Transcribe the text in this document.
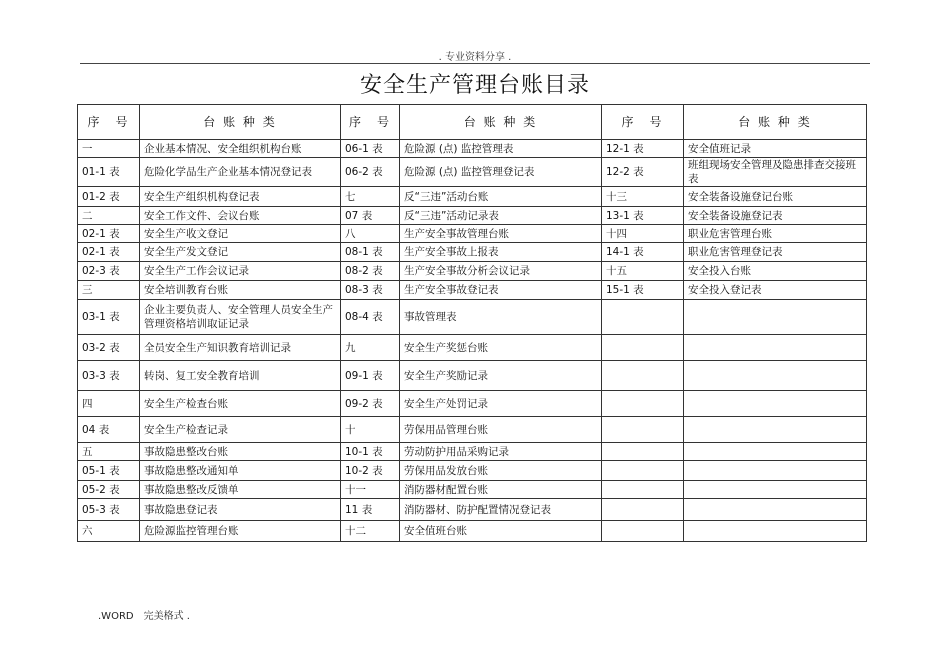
. 专业资料分享 .
安全生产管理台账目录
序　号	台 账 种 类	序　号	台 账 种 类	序　号	台 账 种 类
一	企业基本情况、安全组织机构台账	06-1 表	危险源 (点) 监控管理表	12-1 表	安全值班记录
01-1 表	危险化学品生产企业基本情况登记表	06-2 表	危险源 (点) 监控管理登记表	12-2 表	班组现场安全管理及隐患排查交接班表
01-2 表	安全生产组织机构登记表	七	反“三违”活动台账	十三	安全装备设施登记台账
二	安全工作文件、会议台账	07 表	反“三违”活动记录表	13-1 表	安全装备设施登记表
02-1 表	安全生产收文登记	八	生产安全事故管理台账	十四	职业危害管理台账
02-1 表	安全生产发文登记	08-1 表	生产安全事故上报表	14-1 表	职业危害管理登记表
02-3 表	安全生产工作会议记录	08-2 表	生产安全事故分析会议记录	十五	安全投入台账
三	安全培训教育台账	08-3 表	生产安全事故登记表	15-1 表	安全投入登记表
03-1 表	企业主要负责人、安全管理人员安全生产管理资格培训取证记录	08-4 表	事故管理表		
03-2 表	全员安全生产知识教育培训记录	九	安全生产奖惩台账		
03-3 表	转岗、复工安全教育培训	09-1 表	安全生产奖励记录		
四	安全生产检查台账	09-2 表	安全生产处罚记录		
04 表	安全生产检查记录	十	劳保用品管理台账		
五	事故隐患整改台账	10-1 表	劳动防护用品采购记录		
05-1 表	事故隐患整改通知单	10-2 表	劳保用品发放台账		
05-2 表	事故隐患整改反馈单	十一	消防器材配置台账		
05-3 表	事故隐患登记表	11 表	消防器材、防护配置情况登记表		
六	危险源监控管理台账	十二	安全值班台账		
.WORD　完美格式 .
